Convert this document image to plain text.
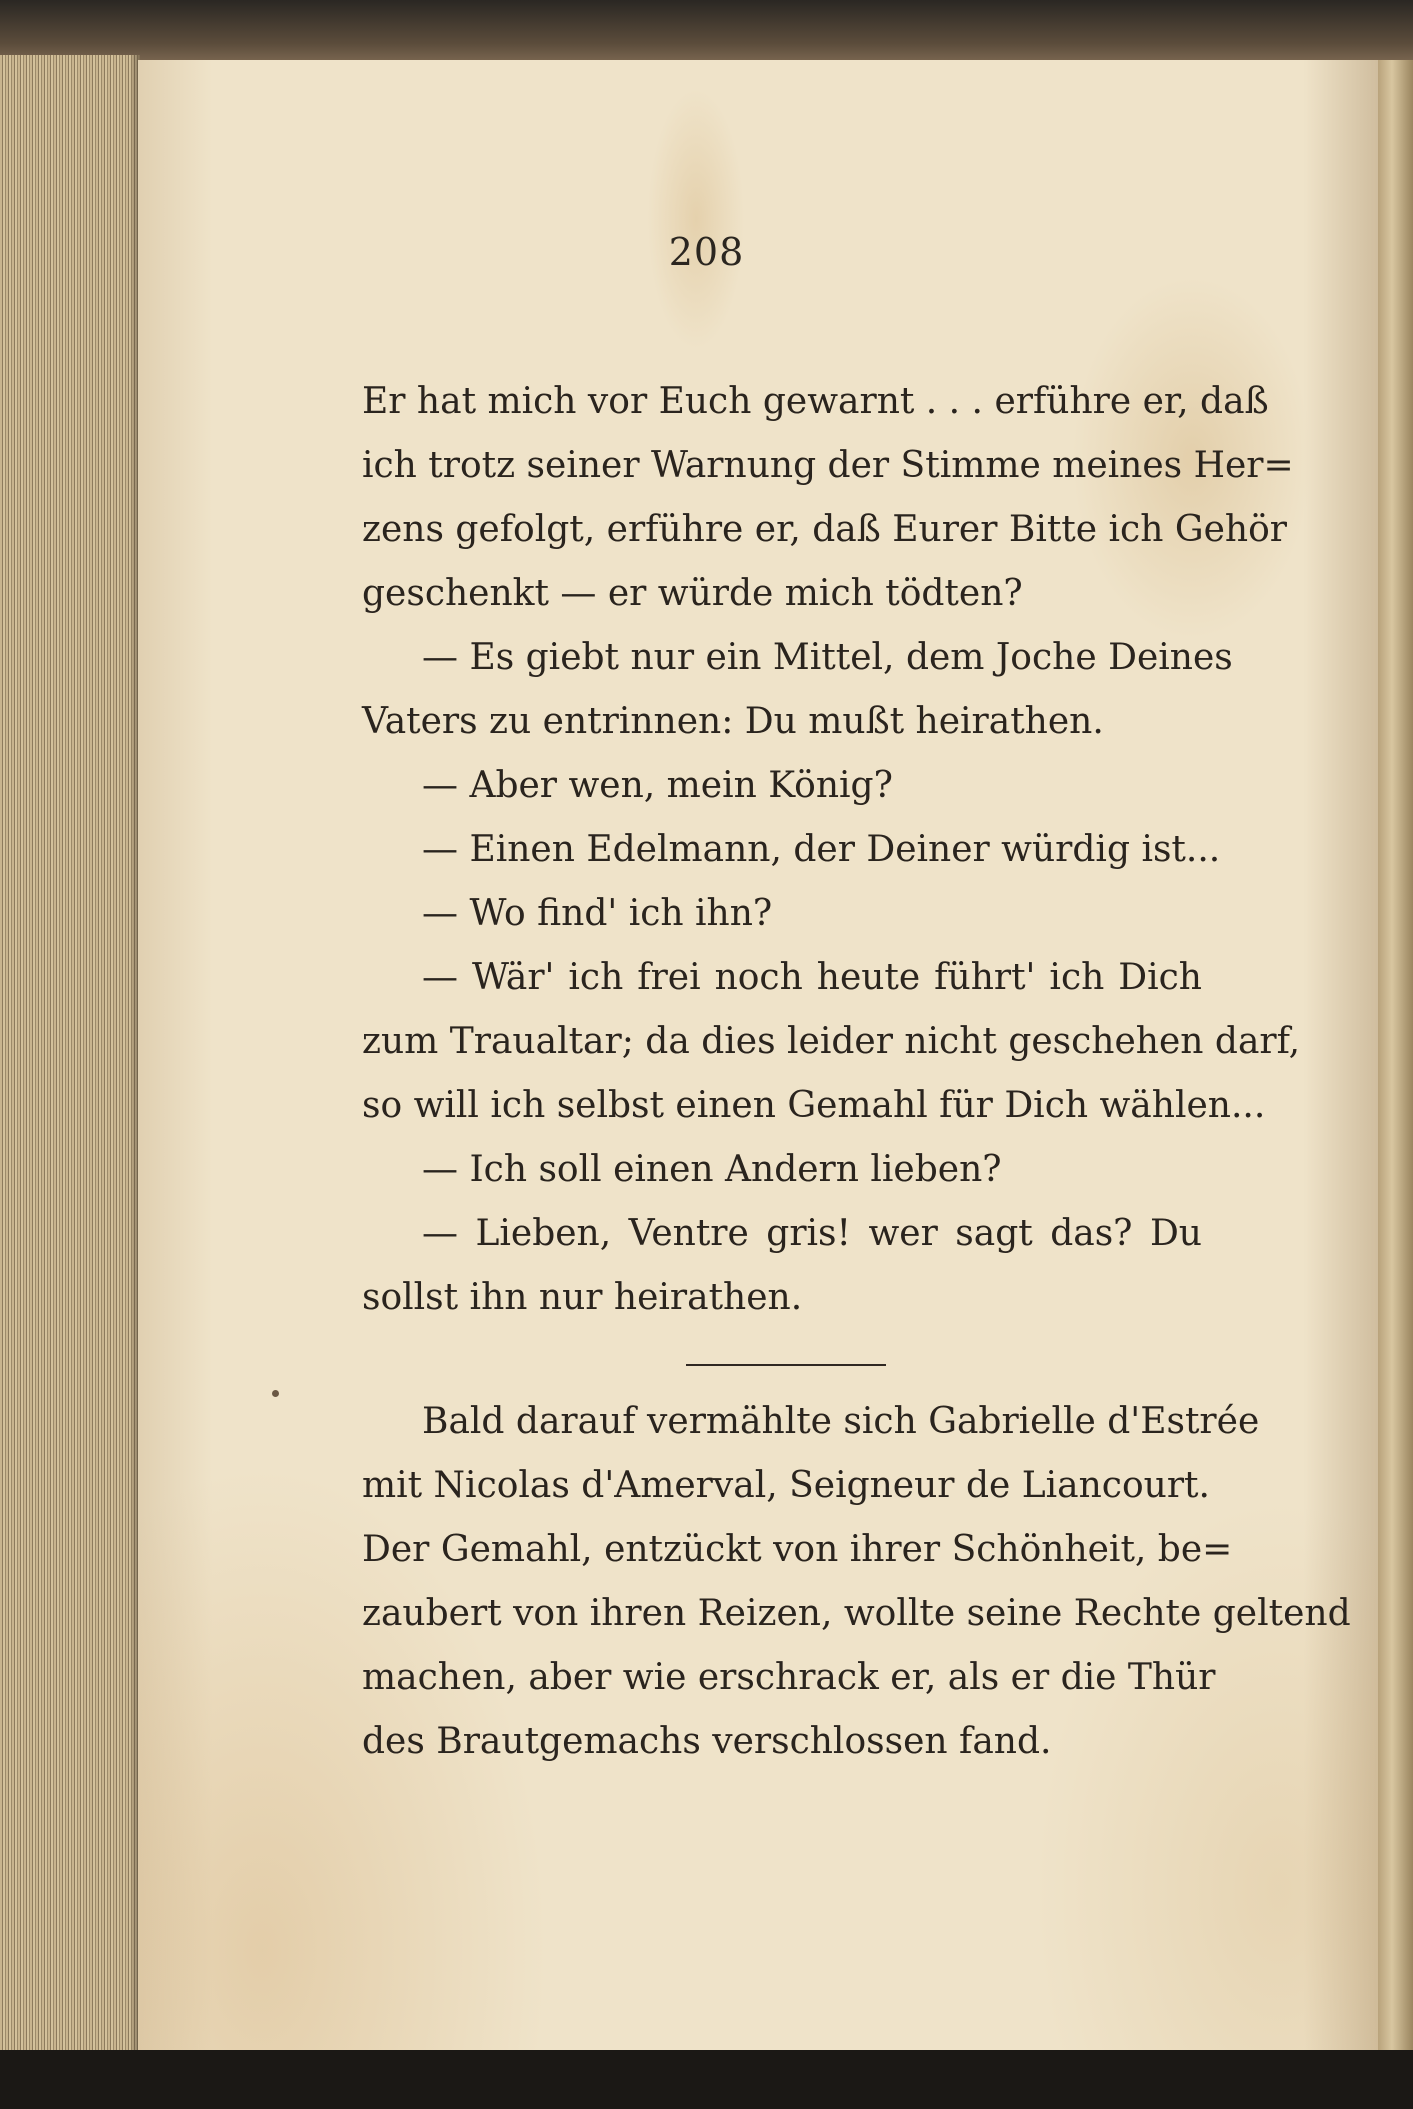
208
Er hat mich vor Euch gewarnt . . . erführe er, daß
ich trotz seiner Warnung der Stimme meines Her=
zens gefolgt, erführe er, daß Eurer Bitte ich Gehör
geschenkt — er würde mich tödten?
— Es giebt nur ein Mittel, dem Joche Deines
Vaters zu entrinnen: Du mußt heirathen.
— Aber wen, mein König?
— Einen Edelmann, der Deiner würdig ist...
— Wo find' ich ihn?
— Wär' ich frei noch heute führt' ich Dich
zum Traualtar; da dies leider nicht geschehen darf,
so will ich selbst einen Gemahl für Dich wählen...
— Ich soll einen Andern lieben?
— Lieben, Ventre gris! wer sagt das? Du
sollst ihn nur heirathen.
Bald darauf vermählte sich Gabrielle d'Estrée
mit Nicolas d'Amerval, Seigneur de Liancourt.
Der Gemahl, entzückt von ihrer Schönheit, be=
zaubert von ihren Reizen, wollte seine Rechte geltend
machen, aber wie erschrack er, als er die Thür
des Brautgemachs verschlossen fand.
